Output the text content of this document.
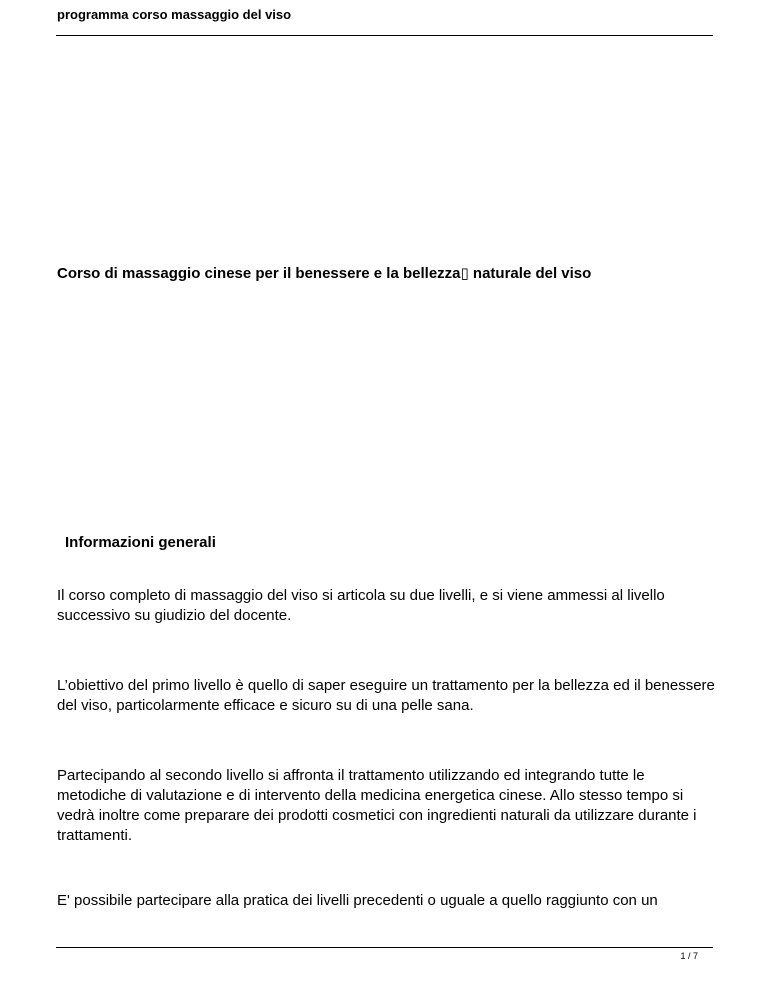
programma corso massaggio del viso
Corso di massaggio cinese per il benessere e la bellezza▯ naturale del viso
Informazioni generali

Il corso completo di massaggio del viso si articola su due livelli, e si viene ammessi al livello successivo su giudizio del docente.

L’obiettivo del primo livello è quello di saper eseguire un trattamento per la bellezza ed il benessere del viso, particolarmente efficace e sicuro su di una pelle sana.

Partecipando al secondo livello si affronta il trattamento utilizzando ed integrando tutte le metodiche di valutazione e di intervento della medicina energetica cinese. Allo stesso tempo si vedrà inoltre come preparare dei prodotti cosmetici con ingredienti naturali da utilizzare durante i trattamenti.

E' possibile partecipare alla pratica dei livelli precedenti o uguale a quello raggiunto con un

1 / 7
